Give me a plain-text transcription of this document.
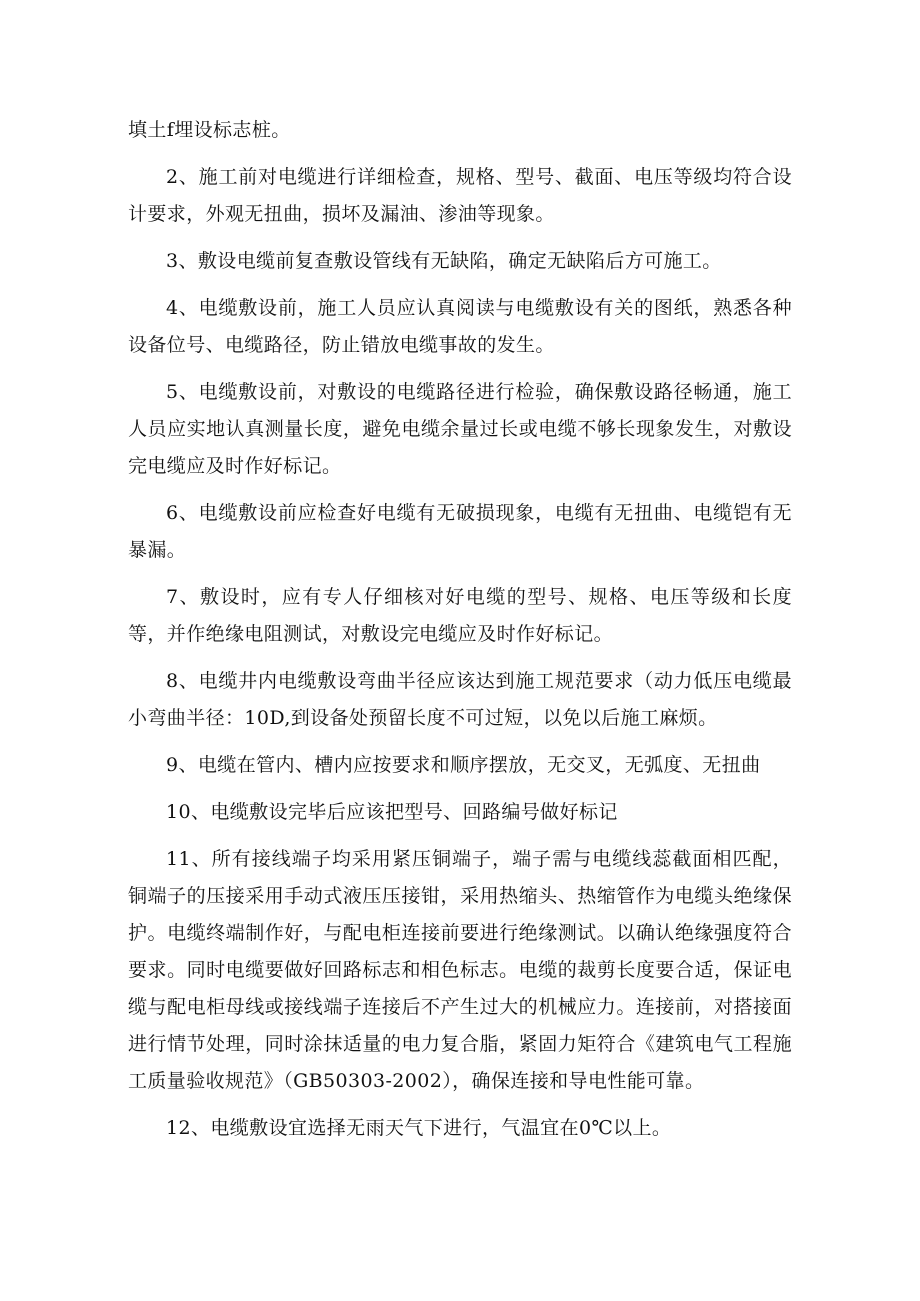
填土f埋设标志桩。

2、施工前对电缆进行详细检查，规格、型号、截面、电压等级均符合设计要求，外观无扭曲，损坏及漏油、渗油等现象。

3、敷设电缆前复查敷设管线有无缺陷，确定无缺陷后方可施工。

4、电缆敷设前，施工人员应认真阅读与电缆敷设有关的图纸，熟悉各种设备位号、电缆路径，防止错放电缆事故的发生。

5、电缆敷设前，对敷设的电缆路径进行检验，确保敷设路径畅通，施工人员应实地认真测量长度，避免电缆余量过长或电缆不够长现象发生，对敷设完电缆应及时作好标记。

6、电缆敷设前应检查好电缆有无破损现象，电缆有无扭曲、电缆铠有无暴漏。

7、敷设时，应有专人仔细核对好电缆的型号、规格、电压等级和长度等，并作绝缘电阻测试，对敷设完电缆应及时作好标记。

8、电缆井内电缆敷设弯曲半径应该达到施工规范要求（动力低压电缆最小弯曲半径：10D,到设备处预留长度不可过短，以免以后施工麻烦。

9、电缆在管内、槽内应按要求和顺序摆放，无交叉，无弧度、无扭曲

10、电缆敷设完毕后应该把型号、回路编号做好标记

11、所有接线端子均采用紧压铜端子，端子需与电缆线蕊截面相匹配，铜端子的压接采用手动式液压压接钳，采用热缩头、热缩管作为电缆头绝缘保护。电缆终端制作好，与配电柜连接前要进行绝缘测试。以确认绝缘强度符合要求。同时电缆要做好回路标志和相色标志。电缆的裁剪长度要合适，保证电缆与配电柜母线或接线端子连接后不产生过大的机械应力。连接前，对搭接面进行情节处理，同时涂抹适量的电力复合脂，紧固力矩符合《建筑电气工程施工质量验收规范》（GB50303-2002），确保连接和导电性能可靠。

12、电缆敷设宜选择无雨天气下进行，气温宜在0℃以上。
